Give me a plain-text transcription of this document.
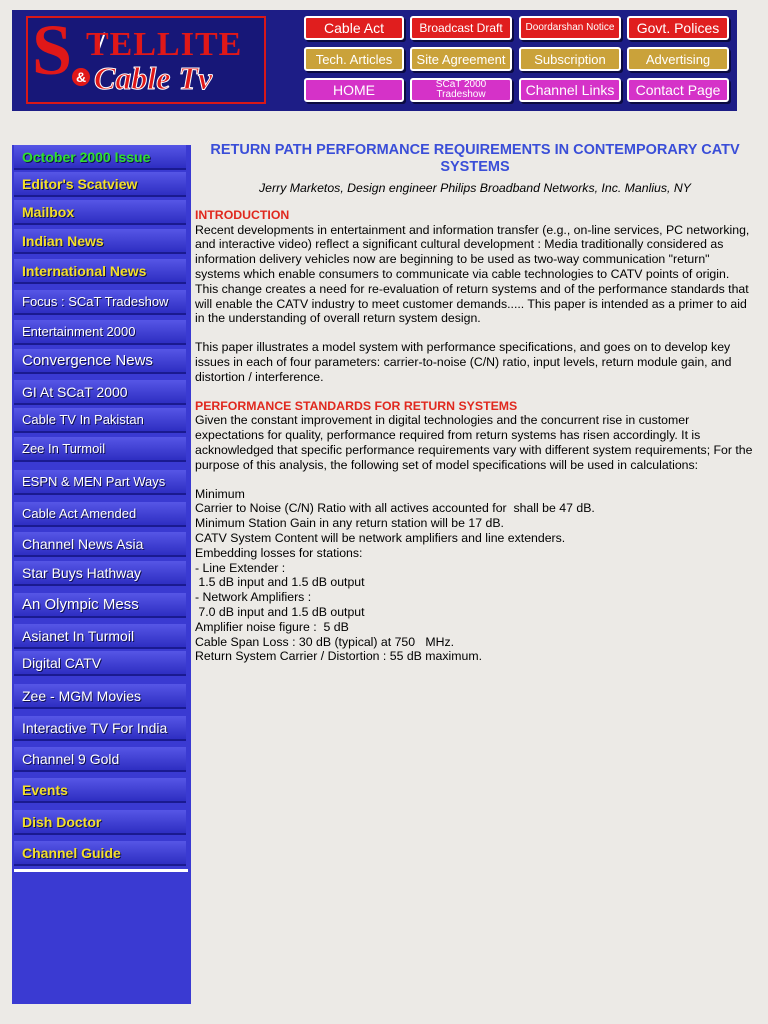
S TELLITE
& Cable Tv
Cable Act	Broadcast Draft	Doordarshan Notice	Govt. Polices
Tech. Articles	Site Agreement	Subscription	Advertising
HOME	SCaT 2000 Tradeshow	Channel Links	Contact Page
October 2000 Issue
Editor's Scatview
Mailbox
Indian News
International News
Focus : SCaT Tradeshow
Entertainment 2000
Convergence News
GI At SCaT 2000
Cable TV In Pakistan
Zee In Turmoil
ESPN & MEN Part Ways
Cable Act Amended
Channel News Asia
Star Buys Hathway
An Olympic Mess
Asianet In Turmoil
Digital CATV
Zee - MGM Movies
Interactive TV For India
Channel 9 Gold
Events
Dish Doctor
Channel Guide
RETURN PATH PERFORMANCE REQUIREMENTS IN CONTEMPORARY CATV SYSTEMS

Jerry Marketos, Design engineer Philips Broadband Networks, Inc. Manlius, NY

INTRODUCTION

Recent developments in entertainment and information transfer (e.g., on-line services, PC networking, and interactive video) reflect a significant cultural development : Media traditionally considered as information delivery vehicles now are beginning to be used as two-way communication "return" systems which enable consumers to communicate via cable technologies to CATV points of origin. This change creates a need for re-evaluation of return systems and of the performance standards that will enable the CATV industry to meet customer demands..... This paper is intended as a primer to aid in the understanding of overall return system design.

This paper illustrates a model system with performance specifications, and goes on to develop key issues in each of four parameters: carrier-to-noise (C/N) ratio, input levels, return module gain, and distortion / interference.

PERFORMANCE STANDARDS FOR RETURN SYSTEMS

Given the constant improvement in digital technologies and the concurrent rise in customer expectations for quality, performance required from return systems has risen accordingly. It is acknowledged that specific performance requirements vary with different system requirements; For the purpose of this analysis, the following set of model specifications will be used in calculations:

Minimum

Carrier to Noise (C/N) Ratio with all actives accounted for  shall be 47 dB.

Minimum Station Gain in any return station will be 17 dB.

CATV System Content will be network amplifiers and line extenders.

Embedding losses for stations:

- Line Extender :

1.5 dB input and 1.5 dB output

- Network Amplifiers :

7.0 dB input and 1.5 dB output

Amplifier noise figure :  5 dB

Cable Span Loss : 30 dB (typical) at 750   MHz.

Return System Carrier / Distortion : 55 dB maximum.
